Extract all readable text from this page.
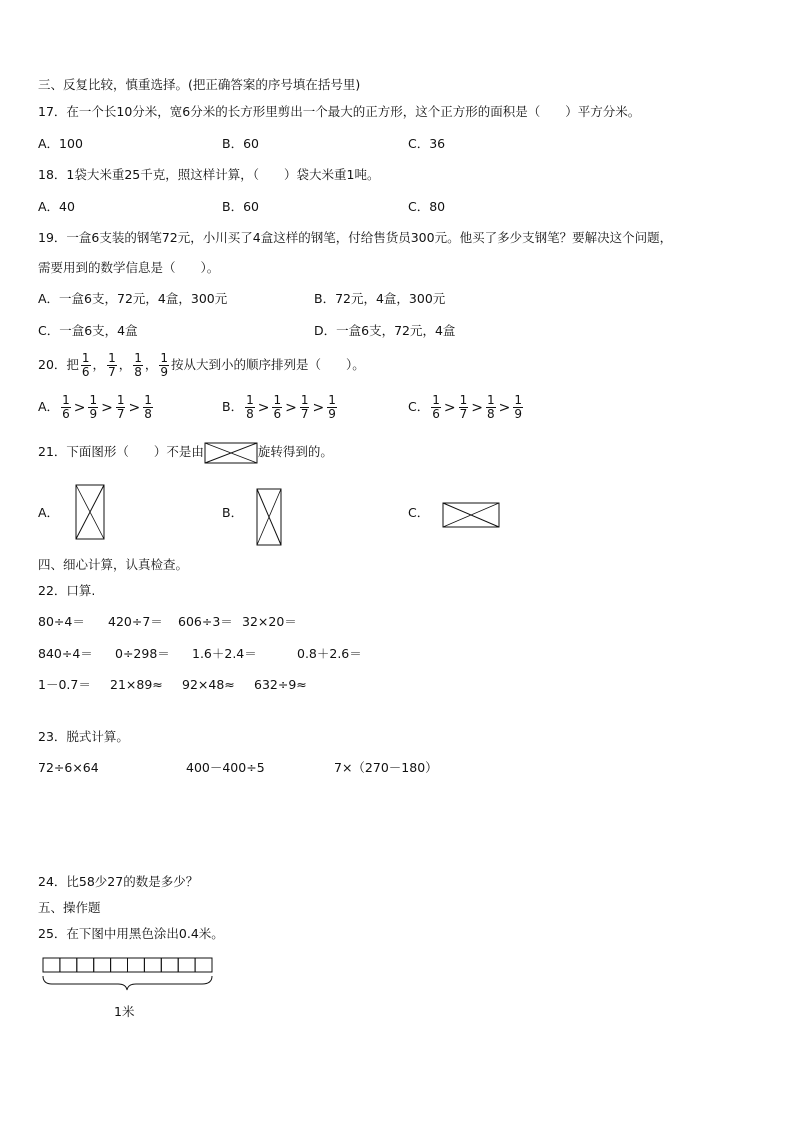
三、反复比较，慎重选择。(把正确答案的序号填在括号里)
17．在一个长10分米，宽6分米的长方形里剪出一个最大的正方形，这个正方形的面积是（　　）平方分米。
A．100	B．60	C．36
18．1袋大米重25千克，照这样计算，（　　）袋大米重1吨。
A．40	B．60	C．80
19．一盒6支装的钢笔72元，小川买了4盒这样的钢笔，付给售货员300元。他买了多少支钢笔？要解决这个问题，
需要用到的数学信息是（　　）。
A．一盒6支，72元，4盒，300元	B．72元，4盒，300元
C．一盒6支，4盒	D．一盒6支，72元，4盒
20．把 $\frac{1}{6}$ ， $\frac{1}{7}$ ， $\frac{1}{8}$ ， $\frac{1}{9}$ 按从大到小的顺序排列是（　　）。
A． $\frac{1}{6} > \frac{1}{9} > \frac{1}{7} > \frac{1}{8}$	B． $\frac{1}{8} > \frac{1}{6} > \frac{1}{7} > \frac{1}{9}$	C． $\frac{1}{6} > \frac{1}{7} > \frac{1}{8} > \frac{1}{9}$
21．下面图形（　　）不是由	旋转得到的。
A．	B．	C．
四、细心计算，认真检查。
22．口算.
80÷4＝ 420÷7＝ 606÷3＝ 32×20＝
840÷4＝ 0÷298＝ 1.6＋2.4＝	0.8＋2.6＝
1－0.7＝ 21×89≈ 92×48≈ 632÷9≈
23．脱式计算。
72÷6×64	400－400÷5	7×（270－180）
24．比58少27的数是多少？
五、操作题
25．在下图中用黑色涂出0.4米。
1米
